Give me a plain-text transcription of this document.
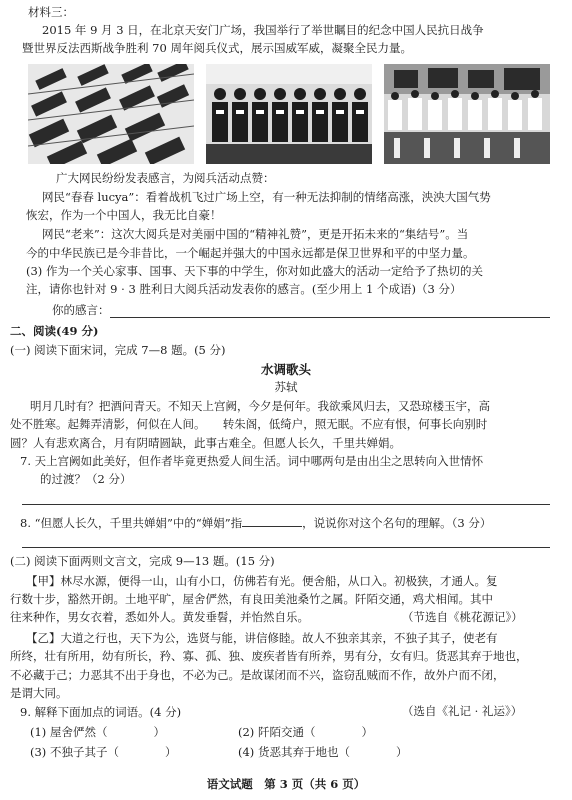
材料三：
2015 年 9 月 3 日，在北京天安门广场，我国举行了举世瞩目的纪念中国人民抗日战争
暨世界反法西斯战争胜利 70 周年阅兵仪式，展示国威军威，凝聚全民力量。
广大网民纷纷发表感言，为阅兵活动点赞：
网民“春春 lucya”：看着战机飞过广场上空，有一种无法抑制的情绪高涨，泱泱大国气势
恢宏，作为一个中国人，我无比自豪！
网民“老来”：这次大阅兵是对美丽中国的“精神礼赞”，更是开拓未来的“集结号”。当
今的中华民族已是今非昔比，一个崛起并强大的中国永远都是保卫世界和平的中坚力量。
(3) 作为一个关心家事、国事、天下事的中学生，你对如此盛大的活动一定给予了热切的关
注，请你也针对 9 · 3 胜利日大阅兵活动发表你的感言。(至少用上 1 个成语)（3 分）
你的感言：
二、阅读(49 分)
(一) 阅读下面宋词，完成 7—8 题。(5 分)
水调歌头
苏轼
明月几时有？把酒问青天。不知天上宫阙，今夕是何年。我欲乘风归去，又恐琼楼玉宇，高
处不胜寒。起舞弄清影，何似在人间。　　转朱阁，低绮户，照无眠。不应有恨，何事长向别时
圆？人有悲欢离合，月有阴晴圆缺，此事古难全。但愿人长久，千里共婵娟。
7. 天上宫阙如此美好，但作者毕竟更热爱人间生活。词中哪两句是由出尘之思转向入世情怀
的过渡？（2 分）
8. “但愿人长久，千里共婵娟”中的“婵娟”指	，说说你对这个名句的理解。（3 分）
(二) 阅读下面两则文言文，完成 9—13 题。(15 分)
【甲】林尽水源，便得一山，山有小口，仿佛若有光。便舍船，从口入。初极狭，才通人。复
行数十步，豁然开朗。土地平旷，屋舍俨然，有良田美池桑竹之属。阡陌交通，鸡犬相闻。其中
往来种作，男女衣着，悉如外人。黄发垂髫，并怡然自乐。	（节选自《桃花源记》）
【乙】大道之行也，天下为公，选贤与能，讲信修睦。故人不独亲其亲，不独子其子，使老有
所终，壮有所用，幼有所长，矜、寡、孤、独、废疾者皆有所养，男有分，女有归。货恶其弃于地也，
不必藏于己；力恶其不出于身也，不必为己。是故谋闭而不兴，盗窃乱贼而不作，故外户而不闭，
是谓大同。
（选自《礼记 · 礼运》）
9. 解释下面加点的词语。(4 分)
(1) 屋舍俨然（　　　　）	(2) 阡陌交通（　　　　）
(3) 不独子其子（　　　　）	(4) 货恶其弃于地也（　　　　）
语文试题　第 3 页（共 6 页）
